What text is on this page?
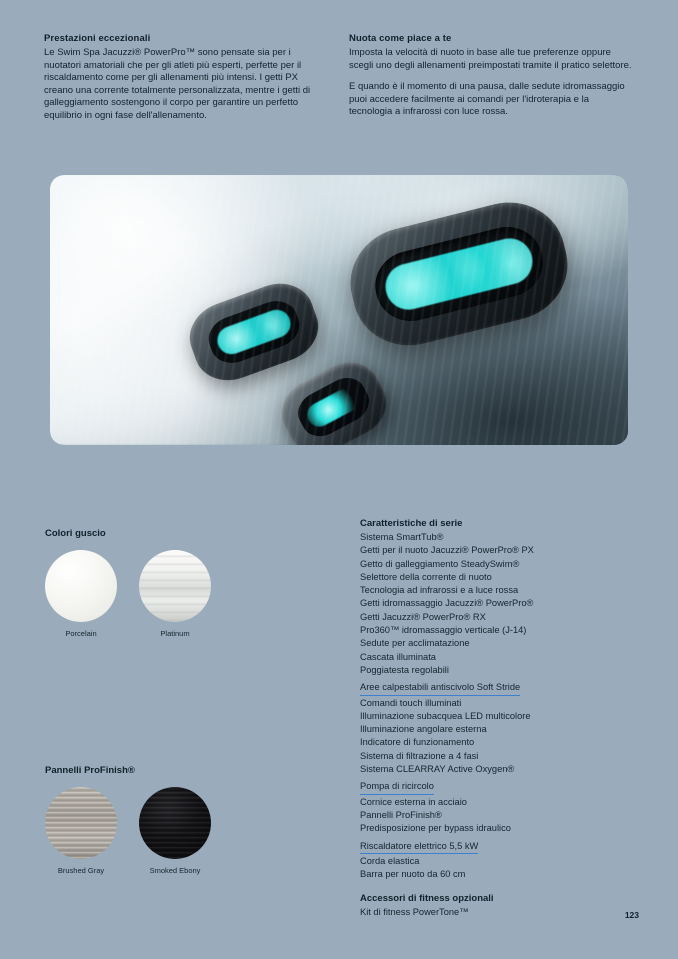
Prestazioni eccezionali

Le Swim Spa Jacuzzi® PowerPro™ sono pensate sia per i nuotatori amatoriali che per gli atleti più esperti, perfette per il riscaldamento come per gli allenamenti più intensi. I getti PX creano una corrente totalmente personalizzata, mentre i getti di galleggiamento sostengono il corpo per garantire un perfetto equilibrio in ogni fase dell'allenamento.

Nuota come piace a te

Imposta la velocità di nuoto in base alle tue preferenze oppure scegli uno degli allenamenti preimpostati tramite il pratico selettore.

E quando è il momento di una pausa, dalle sedute idromassaggio puoi accedere facilmente ai comandi per l'idroterapia e la tecnologia a infrarossi con luce rossa.

Colori guscio
Porcelain	Platinum
Pannelli ProFinish®
Brushed Gray	Smoked Ebony
Caratteristiche di serie
Sistema SmartTub®
Getti per il nuoto Jacuzzi® PowerPro® PX
Getto di galleggiamento SteadySwim®
Selettore della corrente di nuoto
Tecnologia ad infrarossi e a luce rossa
Getti idromassaggio Jacuzzi® PowerPro®
Getti Jacuzzi® PowerPro® RX
Pro360™ idromassaggio verticale (J-14)
Sedute per acclimatazione
Cascata illuminata
Poggiatesta regolabili
Aree calpestabili antiscivolo Soft Stride
Comandi touch illuminati
Illuminazione subacquea LED multicolore
Illuminazione angolare esterna
Indicatore di funzionamento
Sistema di filtrazione a 4 fasi
Sistema CLEARRAY Active Oxygen®
Pompa di ricircolo
Cornice esterna in acciaio
Pannelli ProFinish®
Predisposizione per bypass idraulico
Riscaldatore elettrico 5,5 kW
Corda elastica
Barra per nuoto da 60 cm
Accessori di fitness opzionali
Kit di fitness PowerTone™	123
